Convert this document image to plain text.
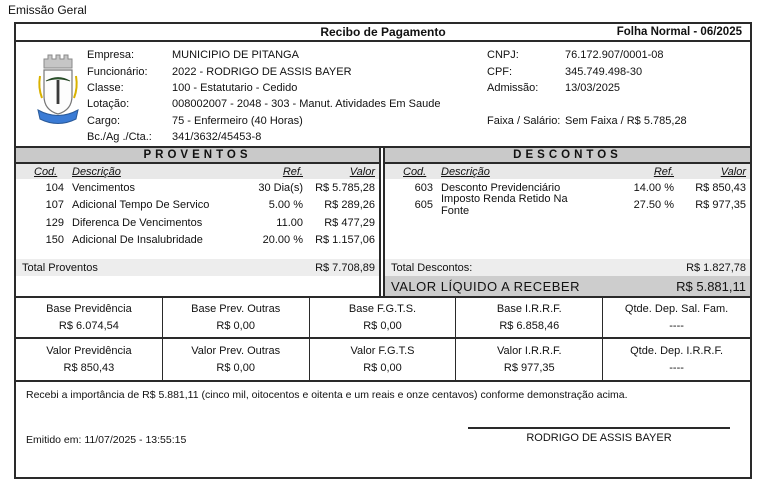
Emissão Geral
Recibo de Pagamento	Folha Normal - 06/2025
Empresa:	MUNICIPIO DE PITANGA	CNPJ:	76.172.907/0001-08
Funcionário:	2022 - RODRIGO DE ASSIS BAYER	CPF:	345.749.498-30
Classe:	100 - Estatutario - Cedido	Admissão:	13/03/2025
Lotação:	008002007 - 2048 - 303 - Manut. Atividades Em Saude
Cargo:	75 - Enfermeiro (40 Horas)	Faixa / Salário: Sem Faixa / R$ 5.785,28
Bc./Ag ./Cta.:	341/3632/45453-8
PROVENTOS
Cod.	Descrição	Ref.	Valor
104 Vencimentos	30 Dia(s)	R$ 5.785,28
107 Adicional Tempo De Servico	5.00 %	R$ 289,26
129 Diferenca De Vencimentos	11.00	R$ 477,29
150 Adicional De Insalubridade	20.00 %	R$ 1.157,06
Total Proventos	R$ 7.708,89
DESCONTOS
Cod.	Descrição	Ref.	Valor
603 Desconto Previdenciário	14.00 %	R$ 850,43
605 Imposto Renda Retido Na Fonte	27.50 %	R$ 977,35
Total Descontos:	R$ 1.827,78
VALOR LÍQUIDO A RECEBER	R$ 5.881,11
Base Previdência
R$ 6.074,54
Base Prev. Outras
R$ 0,00
Base F.G.T.S.
R$ 0,00
Base I.R.R.F.
R$ 6.858,46
Qtde. Dep. Sal. Fam.
----
Valor Previdência
R$ 850,43
Valor Prev. Outras
R$ 0,00
Valor F.G.T.S
R$ 0,00
Valor I.R.R.F.
R$ 977,35
Qtde. Dep. I.R.R.F.
----
Recebi a importância de R$ 5.881,11 (cinco mil, oitocentos e oitenta e um reais e onze centavos) conforme demonstração acima.
Emitido em: 11/07/2025 - 13:55:15	RODRIGO DE ASSIS BAYER
